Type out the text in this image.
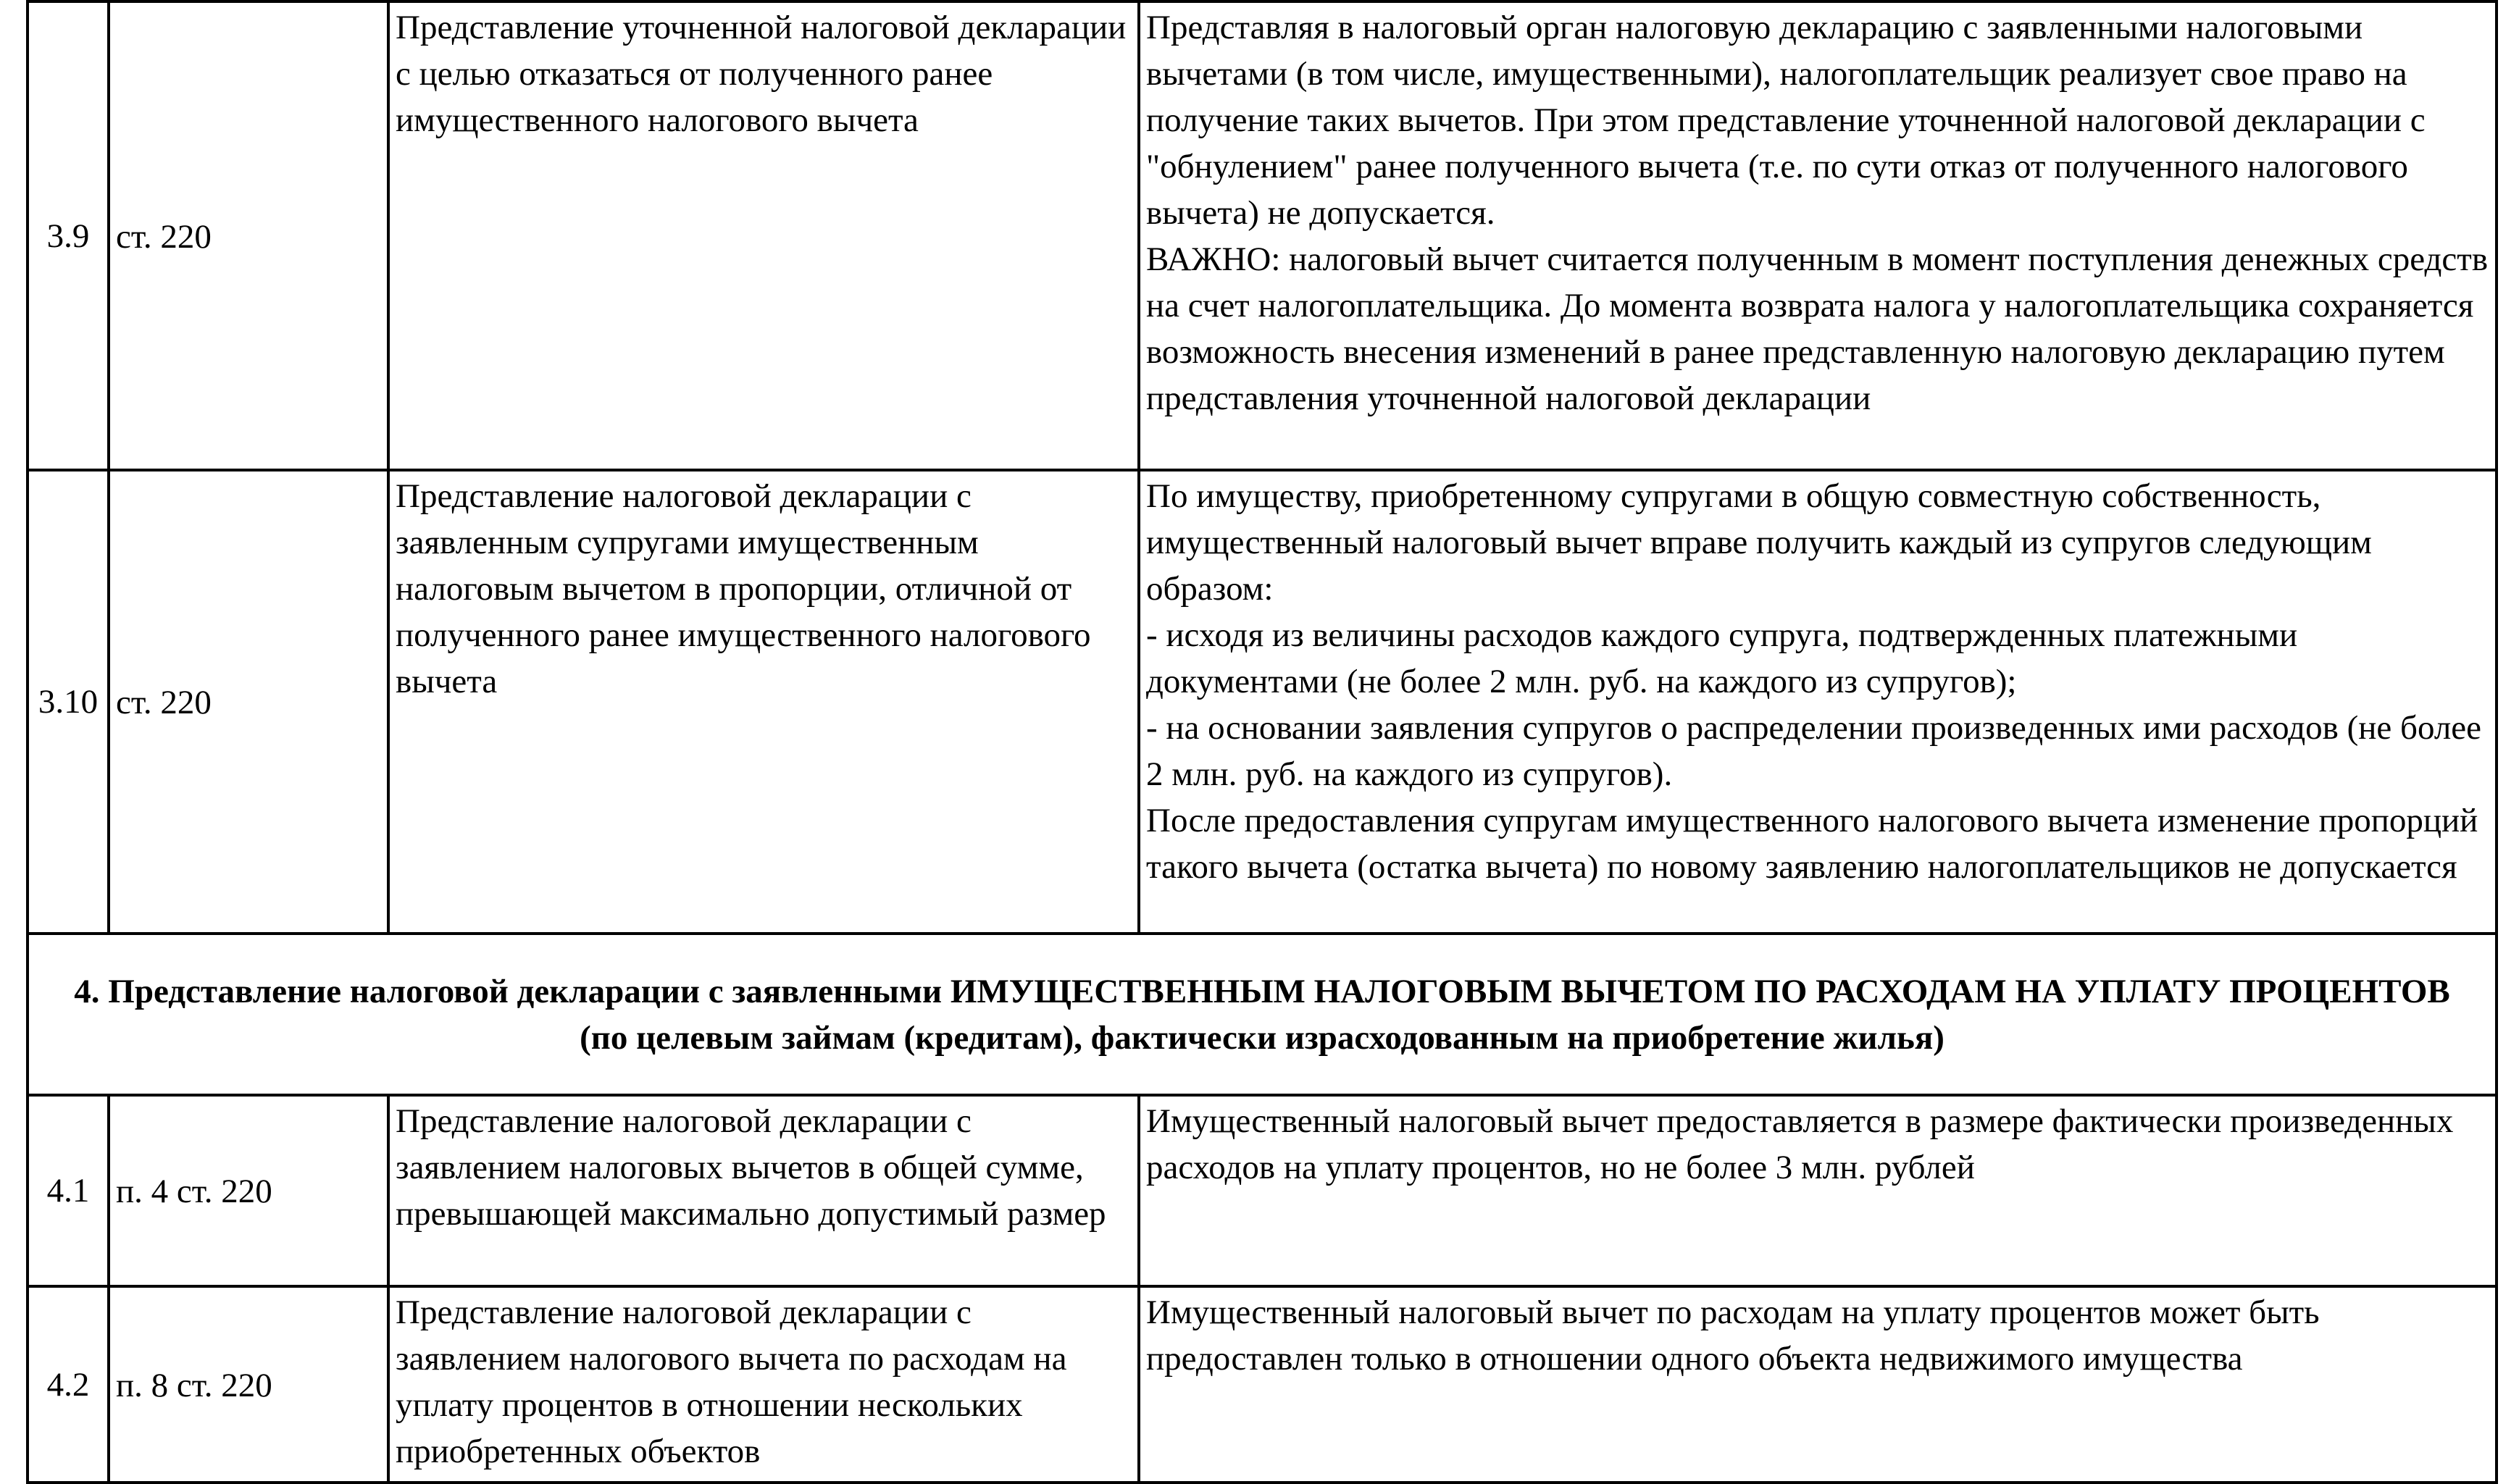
3.9	ст. 220	Представление уточненной налоговой декларации с целью отказаться от полученного ранее имущественного налогового вычета	Представляя в налоговый орган налоговую декларацию с заявленными налоговыми вычетами (в том числе, имущественными), налогоплательщик реализует свое право на получение таких вычетов. При этом представление уточненной налоговой декларации с "обнулением" ранее полученного вычета (т.е. по сути отказ от полученного налогового вычета) не допускается.
ВАЖНО: налоговый вычет считается полученным в момент поступления денежных средств на счет налогоплательщика. До момента возврата налога у налогоплательщика сохраняется возможность внесения изменений в ранее представленную налоговую декларацию путем представления уточненной налоговой декларации

3.10	ст. 220	Представление налоговой декларации с заявленным супругами имущественным налоговым вычетом в пропорции, отличной от полученного ранее имущественного налогового вычета	По имуществу, приобретенному супругами в общую совместную собственность, имущественный налоговый вычет вправе получить каждый из супругов следующим образом:
- исходя из величины расходов каждого супруга, подтвержденных платежными документами (не более 2 млн. руб. на каждого из супругов);
- на основании заявления супругов о распределении произведенных ими расходов (не более 2 млн. руб. на каждого из супругов).
После предоставления супругам имущественного налогового вычета изменение пропорций такого вычета (остатка вычета) по новому заявлению налогоплательщиков не допускается

4. Представление налоговой декларации с заявленными ИМУЩЕСТВЕННЫМ НАЛОГОВЫМ ВЫЧЕТОМ ПО РАСХОДАМ НА УПЛАТУ ПРОЦЕНТОВ (по целевым займам (кредитам), фактически израсходованным на приобретение жилья)			
4.1	п. 4 ст. 220	Представление налоговой декларации с заявлением налоговых вычетов в общей сумме, превышающей максимально допустимый размер	Имущественный налоговый вычет предоставляется в размере фактически произведенных расходов на уплату процентов, но не более 3 млн. рублей

4.2	п. 8 ст. 220	Представление налоговой декларации с заявлением налогового вычета по расходам на уплату процентов в отношении нескольких приобретенных объектов	Имущественный налоговый вычет по расходам на уплату процентов может быть предоставлен только в отношении одного объекта недвижимого имущества
